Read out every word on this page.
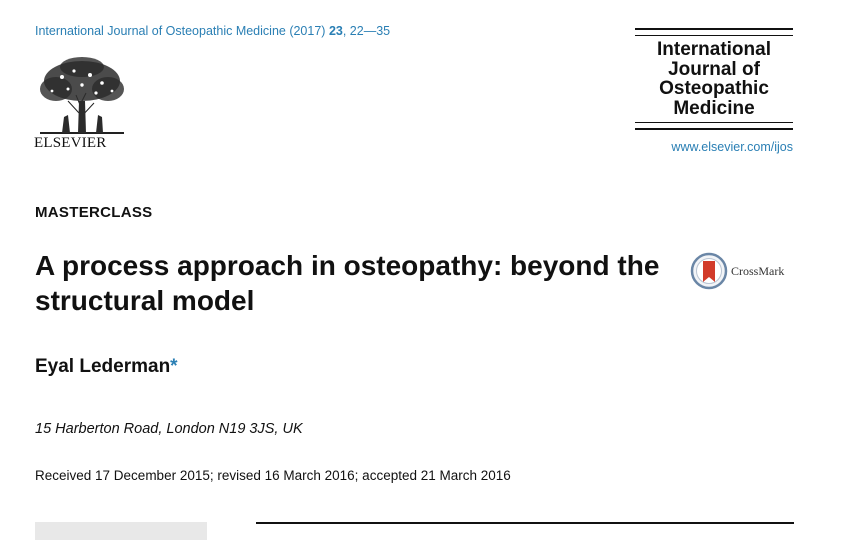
International Journal of Osteopathic Medicine (2017) 23, 22—35
ELSEVIER
International
Journal of
Osteopathic
Medicine
www.elsevier.com/ijos
MASTERCLASS
A process approach in osteopathy: beyond the structural model
CrossMark
Eyal Lederman*
15 Harberton Road, London N19 3JS, UK
Received 17 December 2015; revised 16 March 2016; accepted 21 March 2016
